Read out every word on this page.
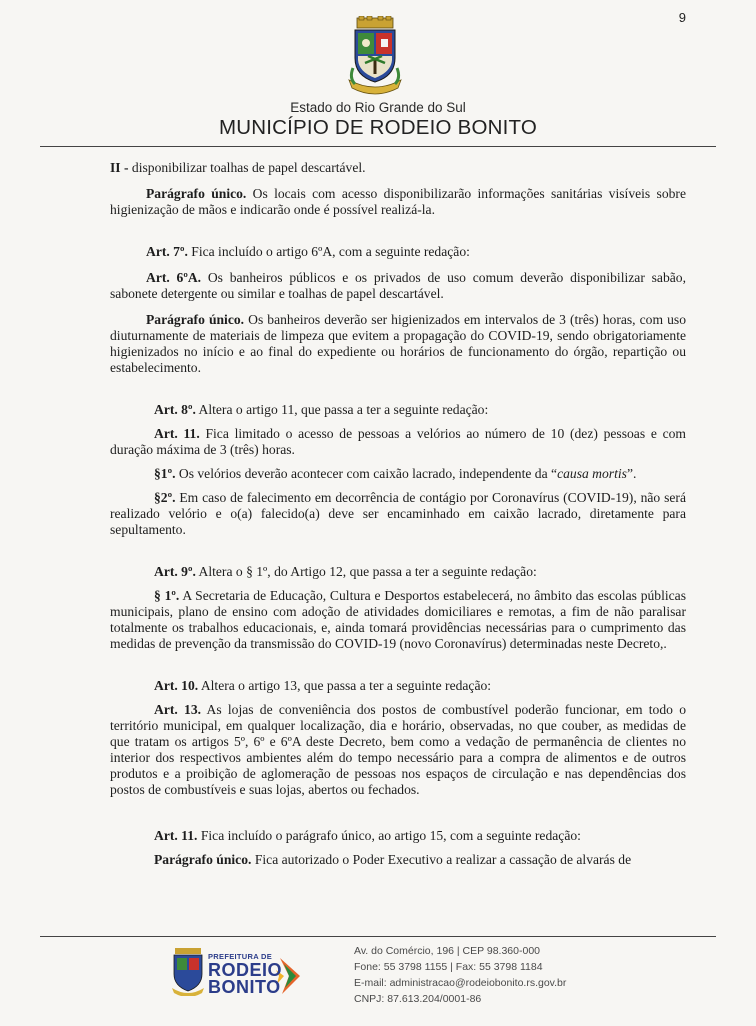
9
Estado do Rio Grande do Sul
MUNICÍPIO DE RODEIO BONITO

II - disponibilizar toalhas de papel descartável.

Parágrafo único. Os locais com acesso disponibilizarão informações sanitárias visíveis sobre higienização de mãos e indicarão onde é possível realizá-la.

Art. 7º. Fica incluído o artigo 6ºA, com a seguinte redação:

Art. 6ºA. Os banheiros públicos e os privados de uso comum deverão disponibilizar sabão, sabonete detergente ou similar e toalhas de papel descartável.

Parágrafo único. Os banheiros deverão ser higienizados em intervalos de 3 (três) horas, com uso diuturnamente de materiais de limpeza que evitem a propagação do COVID-19, sendo obrigatoriamente higienizados no início e ao final do expediente ou horários de funcionamento do órgão, repartição ou estabelecimento.

Art. 8º. Altera o artigo 11, que passa a ter a seguinte redação:

Art. 11. Fica limitado o acesso de pessoas a velórios ao número de 10 (dez) pessoas e com duração máxima de 3 (três) horas.

§1º. Os velórios deverão acontecer com caixão lacrado, independente da “causa mortis”.

§2º. Em caso de falecimento em decorrência de contágio por Coronavírus (COVID-19), não será realizado velório e o(a) falecido(a) deve ser encaminhado em caixão lacrado, diretamente para sepultamento.

Art. 9º. Altera o § 1º, do Artigo 12, que passa a ter a seguinte redação:

§ 1º. A Secretaria de Educação, Cultura e Desportos estabelecerá, no âmbito das escolas públicas municipais, plano de ensino com adoção de atividades domiciliares e remotas, a fim de não paralisar totalmente os trabalhos educacionais, e, ainda tomará providências necessárias para o cumprimento das medidas de prevenção da transmissão do COVID-19 (novo Coronavírus) determinadas neste Decreto,.

Art. 10. Altera o artigo 13, que passa a ter a seguinte redação:

Art. 13. As lojas de conveniência dos postos de combustível poderão funcionar, em todo o território municipal, em qualquer localização, dia e horário, observadas, no que couber, as medidas de que tratam os artigos 5º, 6º e 6ºA deste Decreto, bem como a vedação de permanência de clientes no interior dos respectivos ambientes além do tempo necessário para a compra de alimentos e de outros produtos e a proibição de aglomeração de pessoas nos espaços de circulação e nas dependências dos postos de combustíveis e suas lojas, abertos ou fechados.

Art. 11. Fica incluído o parágrafo único, ao artigo 15, com a seguinte redação:

Parágrafo único. Fica autorizado o Poder Executivo a realizar a cassação de alvarás de

PREFEITURA DE
RODEIO
BONITO
Av. do Comércio, 196 | CEP 98.360-000
Fone: 55 3798 1155 | Fax: 55 3798 1184
E-mail: administracao@rodeiobonito.rs.gov.br
CNPJ: 87.613.204/0001-86
